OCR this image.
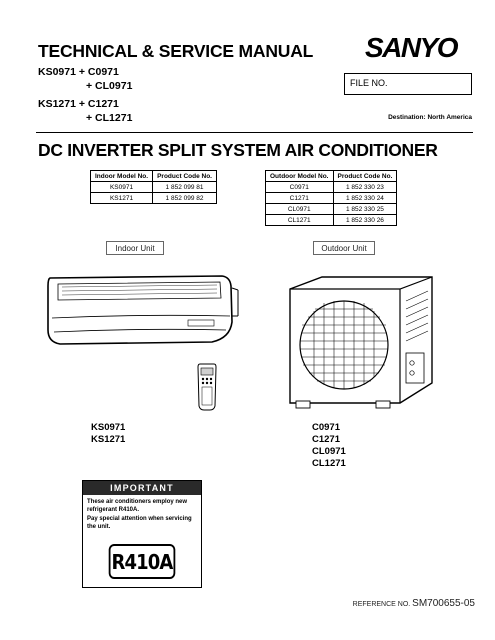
TECHNICAL & SERVICE MANUAL SANYO
KS0971 + C0971
+ CL0971
KS1271 + C1271
+ CL1271
FILE NO.
Destination: North America
DC INVERTER SPLIT SYSTEM AIR CONDITIONER
Indoor Model No.	Product Code No.
KS0971	1 852 099 81
KS1271	1 852 099 82
Outdoor Model No.	Product Code No.
C0971	1 852 330 23
C1271	1 852 330 24
CL0971	1 852 330 25
CL1271	1 852 330 26
Indoor Unit	Outdoor Unit
KS0971
KS1271
C0971
C1271
CL0971
CL1271
IMPORTANT
These air conditioners employ new refrigerant R410A.
Pay special attention when servicing the unit.
R410A
REFERENCE NO. SM700655-05
